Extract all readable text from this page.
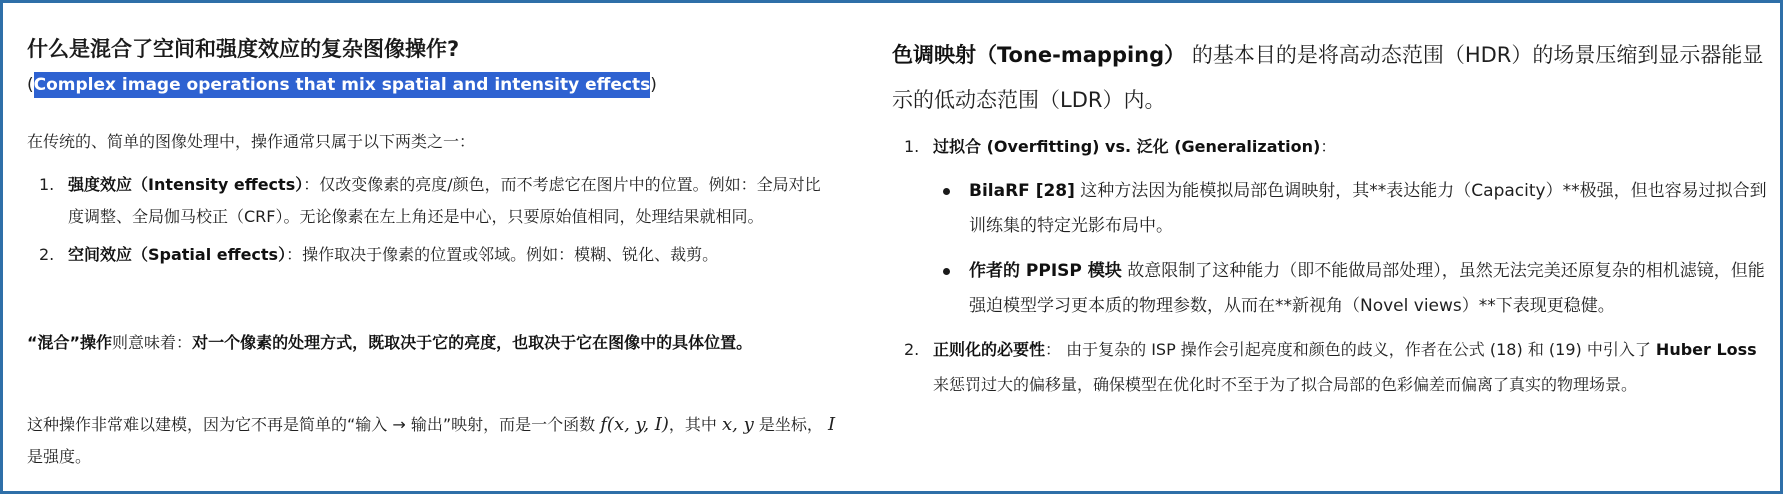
什么是混合了空间和强度效应的复杂图像操作?
(Complex image operations that mix spatial and intensity effects)
在传统的、简单的图像处理中，操作通常只属于以下两类之一：
1. 强度效应（Intensity effects）：仅改变像素的亮度/颜色，而不考虑它在图片中的位置。例如：全局对比度调整、全局伽马校正（CRF）。无论像素在左上角还是中心，只要原始值相同，处理结果就相同。
2. 空间效应（Spatial effects）：操作取决于像素的位置或邻域。例如：模糊、锐化、裁剪。
“混合”操作则意味着：对一个像素的处理方式，既取决于它的亮度，也取决于它在图像中的具体位置。
这种操作非常难以建模，因为它不再是简单的“输入 → 输出”映射，而是一个函数 f(x, y, I)，其中 x, y 是坐标， I 是强度。
色调映射（Tone-mapping） 的基本目的是将高动态范围（HDR）的场景压缩到显示器能显示的低动态范围（LDR）内。
1. 过拟合 (Overfitting) vs. 泛化 (Generalization)：
BilaRF [28] 这种方法因为能模拟局部色调映射，其**表达能力（Capacity）**极强，但也容易过拟合到训练集的特定光影布局中。
作者的 PPISP 模块 故意限制了这种能力（即不能做局部处理），虽然无法完美还原复杂的相机滤镜，但能强迫模型学习更本质的物理参数，从而在**新视角（Novel views）**下表现更稳健。
2. 正则化的必要性： 由于复杂的 ISP 操作会引起亮度和颜色的歧义，作者在公式 (18) 和 (19) 中引入了 Huber Loss 来惩罚过大的偏移量，确保模型在优化时不至于为了拟合局部的色彩偏差而偏离了真实的物理场景。
